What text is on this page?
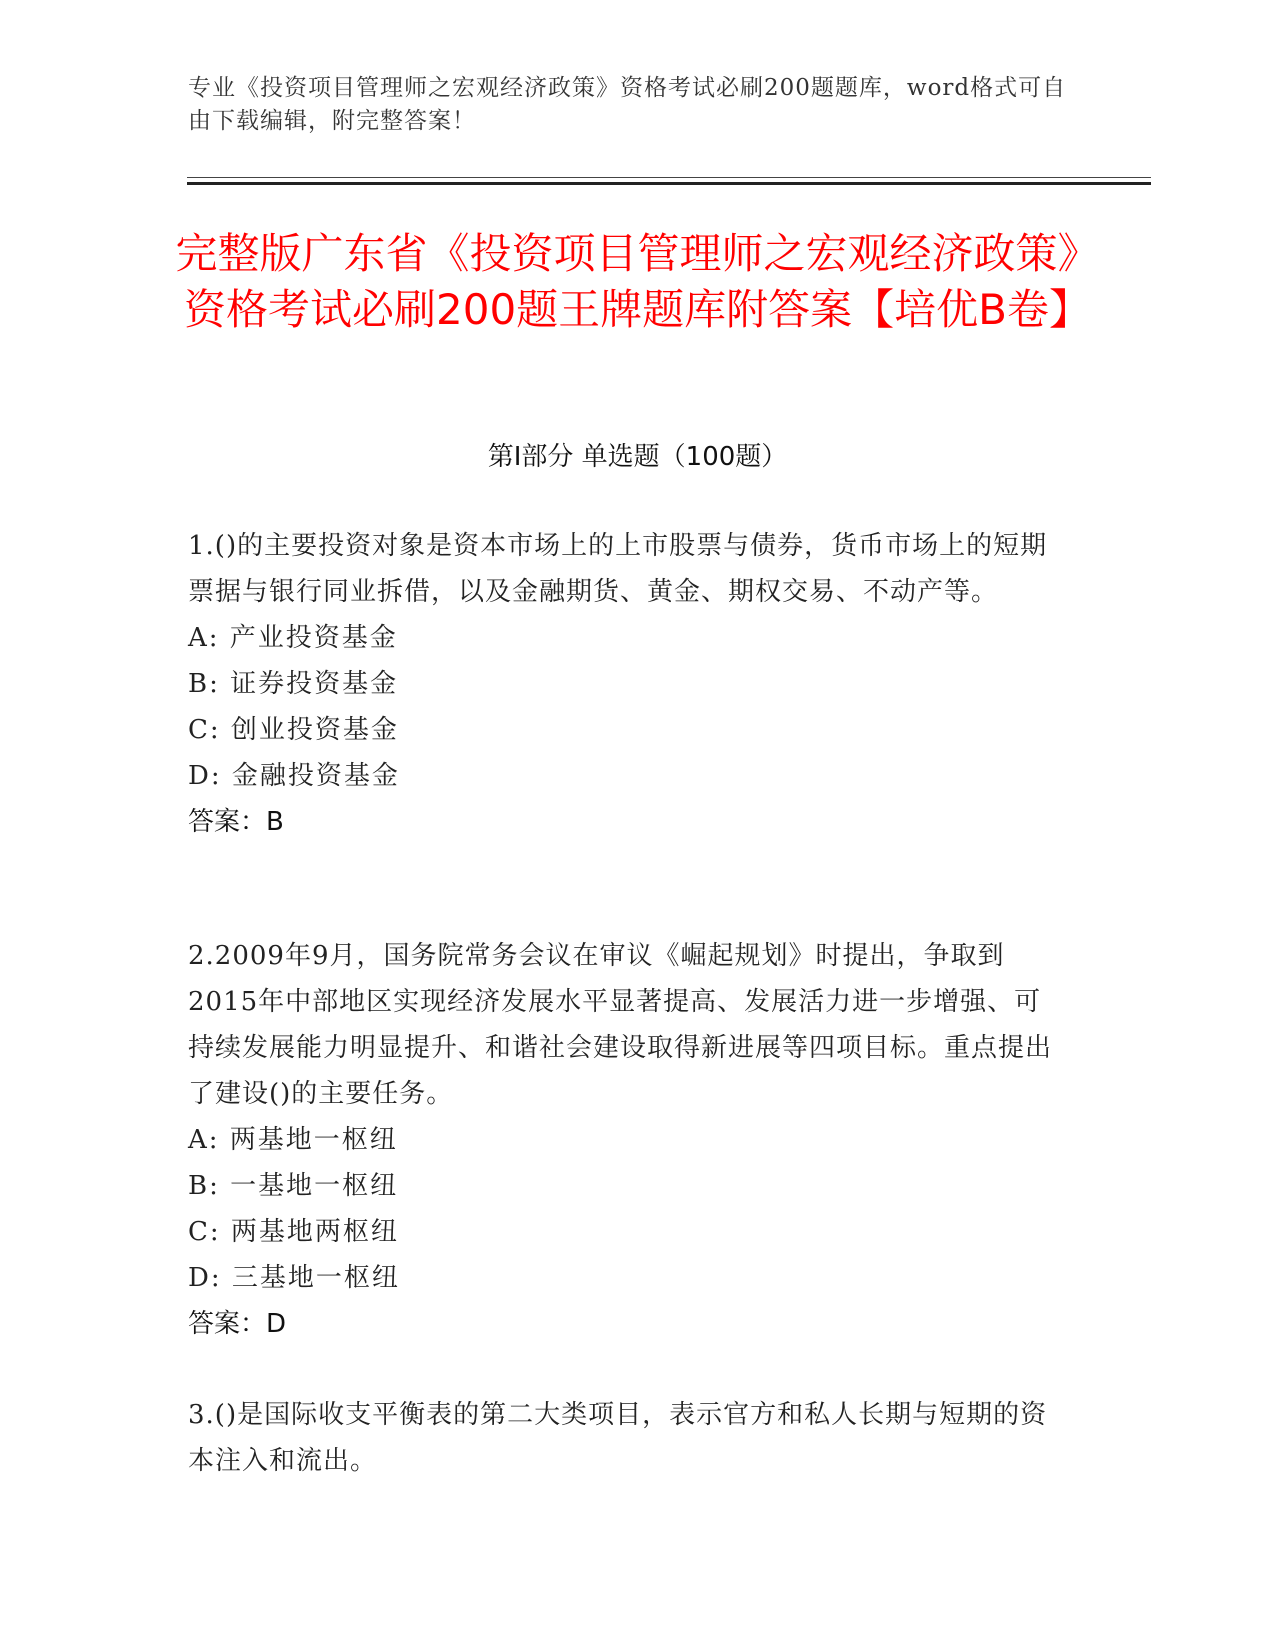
专业《投资项目管理师之宏观经济政策》资格考试必刷200题题库，word格式可自由下载编辑，附完整答案！
完整版广东省《投资项目管理师之宏观经济政策》资格考试必刷200题王牌题库附答案【培优B卷】
第Ⅰ部分 单选题（100题）
1.()的主要投资对象是资本市场上的上市股票与债券，货币市场上的短期票据与银行同业拆借，以及金融期货、黄金、期权交易、不动产等。
A: 产业投资基金
B: 证券投资基金
C: 创业投资基金
D: 金融投资基金
答案：B
2.2009年9月，国务院常务会议在审议《崛起规划》时提出，争取到2015年中部地区实现经济发展水平显著提高、发展活力进一步增强、可持续发展能力明显提升、和谐社会建设取得新进展等四项目标。重点提出了建设()的主要任务。
A: 两基地一枢纽
B: 一基地一枢纽
C: 两基地两枢纽
D: 三基地一枢纽
答案：D
3.()是国际收支平衡表的第二大类项目，表示官方和私人长期与短期的资本注入和流出。
